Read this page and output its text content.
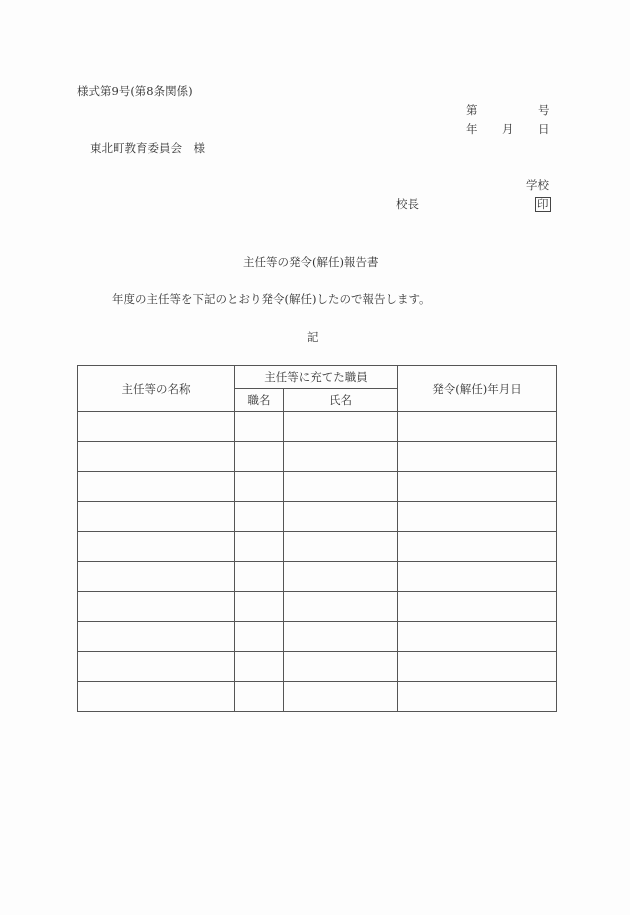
様式第9号(第8条関係)
第	号
年 月 日
東北町教育委員会　様
学校
校長	印
主任等の発令(解任)報告書
年度の主任等を下記のとおり発令(解任)したので報告します。
記
主任等の名称	主任等に充てた職員		発令(解任)年月日
	職名	氏名	
